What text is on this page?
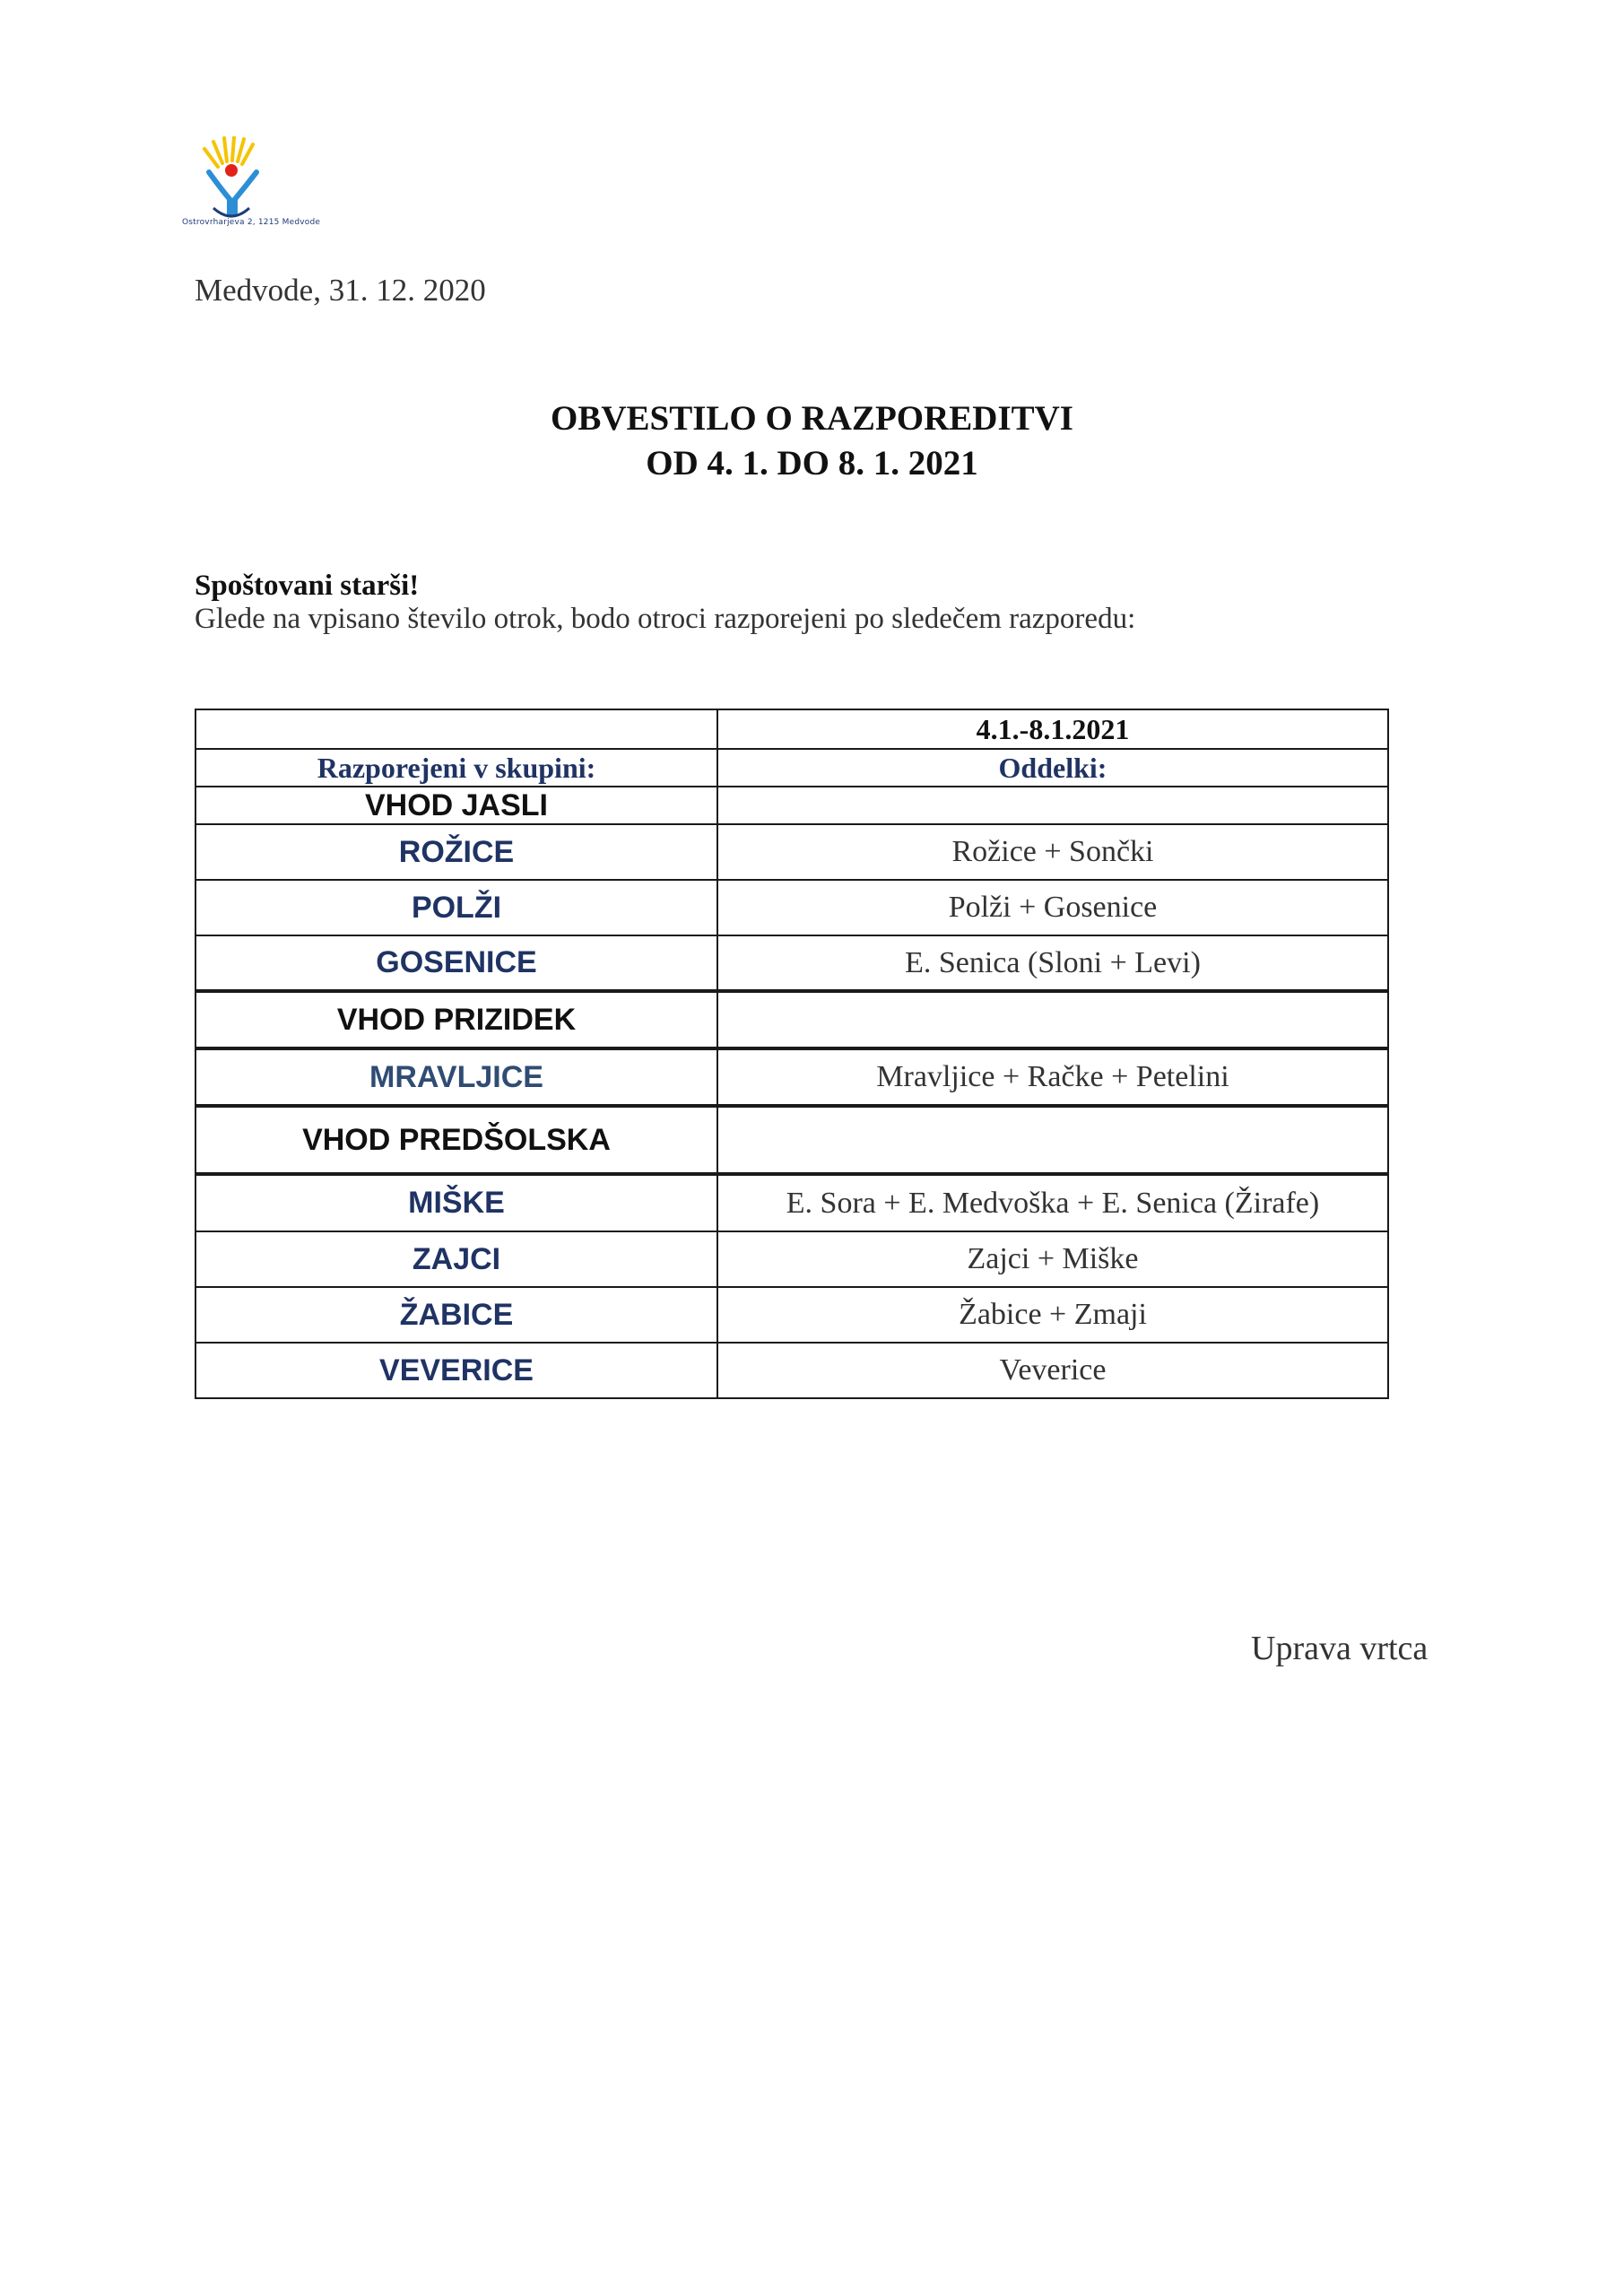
Ostrovrharjeva 2, 1215 Medvode
Medvode, 31. 12. 2020
OBVESTILO O RAZPOREDITVI
OD 4. 1. DO 8. 1. 2021
Spoštovani starši!
Glede na vpisano število otrok, bodo otroci razporejeni po sledečem razporedu:
	4.1.-8.1.2021
Razporejeni v skupini:	Oddelki:
VHOD JASLI	
ROŽICE	Rožice + Sončki
POLŽI	Polži + Gosenice
GOSENICE	E. Senica (Sloni + Levi)
VHOD PRIZIDEK	
MRAVLJICE	Mravljice + Račke + Petelini
VHOD PREDŠOLSKA	
MIŠKE	E. Sora + E. Medvoška + E. Senica (Žirafe)
ZAJCI	Zajci + Miške
ŽABICE	Žabice + Zmaji
VEVERICE	Veverice
Uprava vrtca
